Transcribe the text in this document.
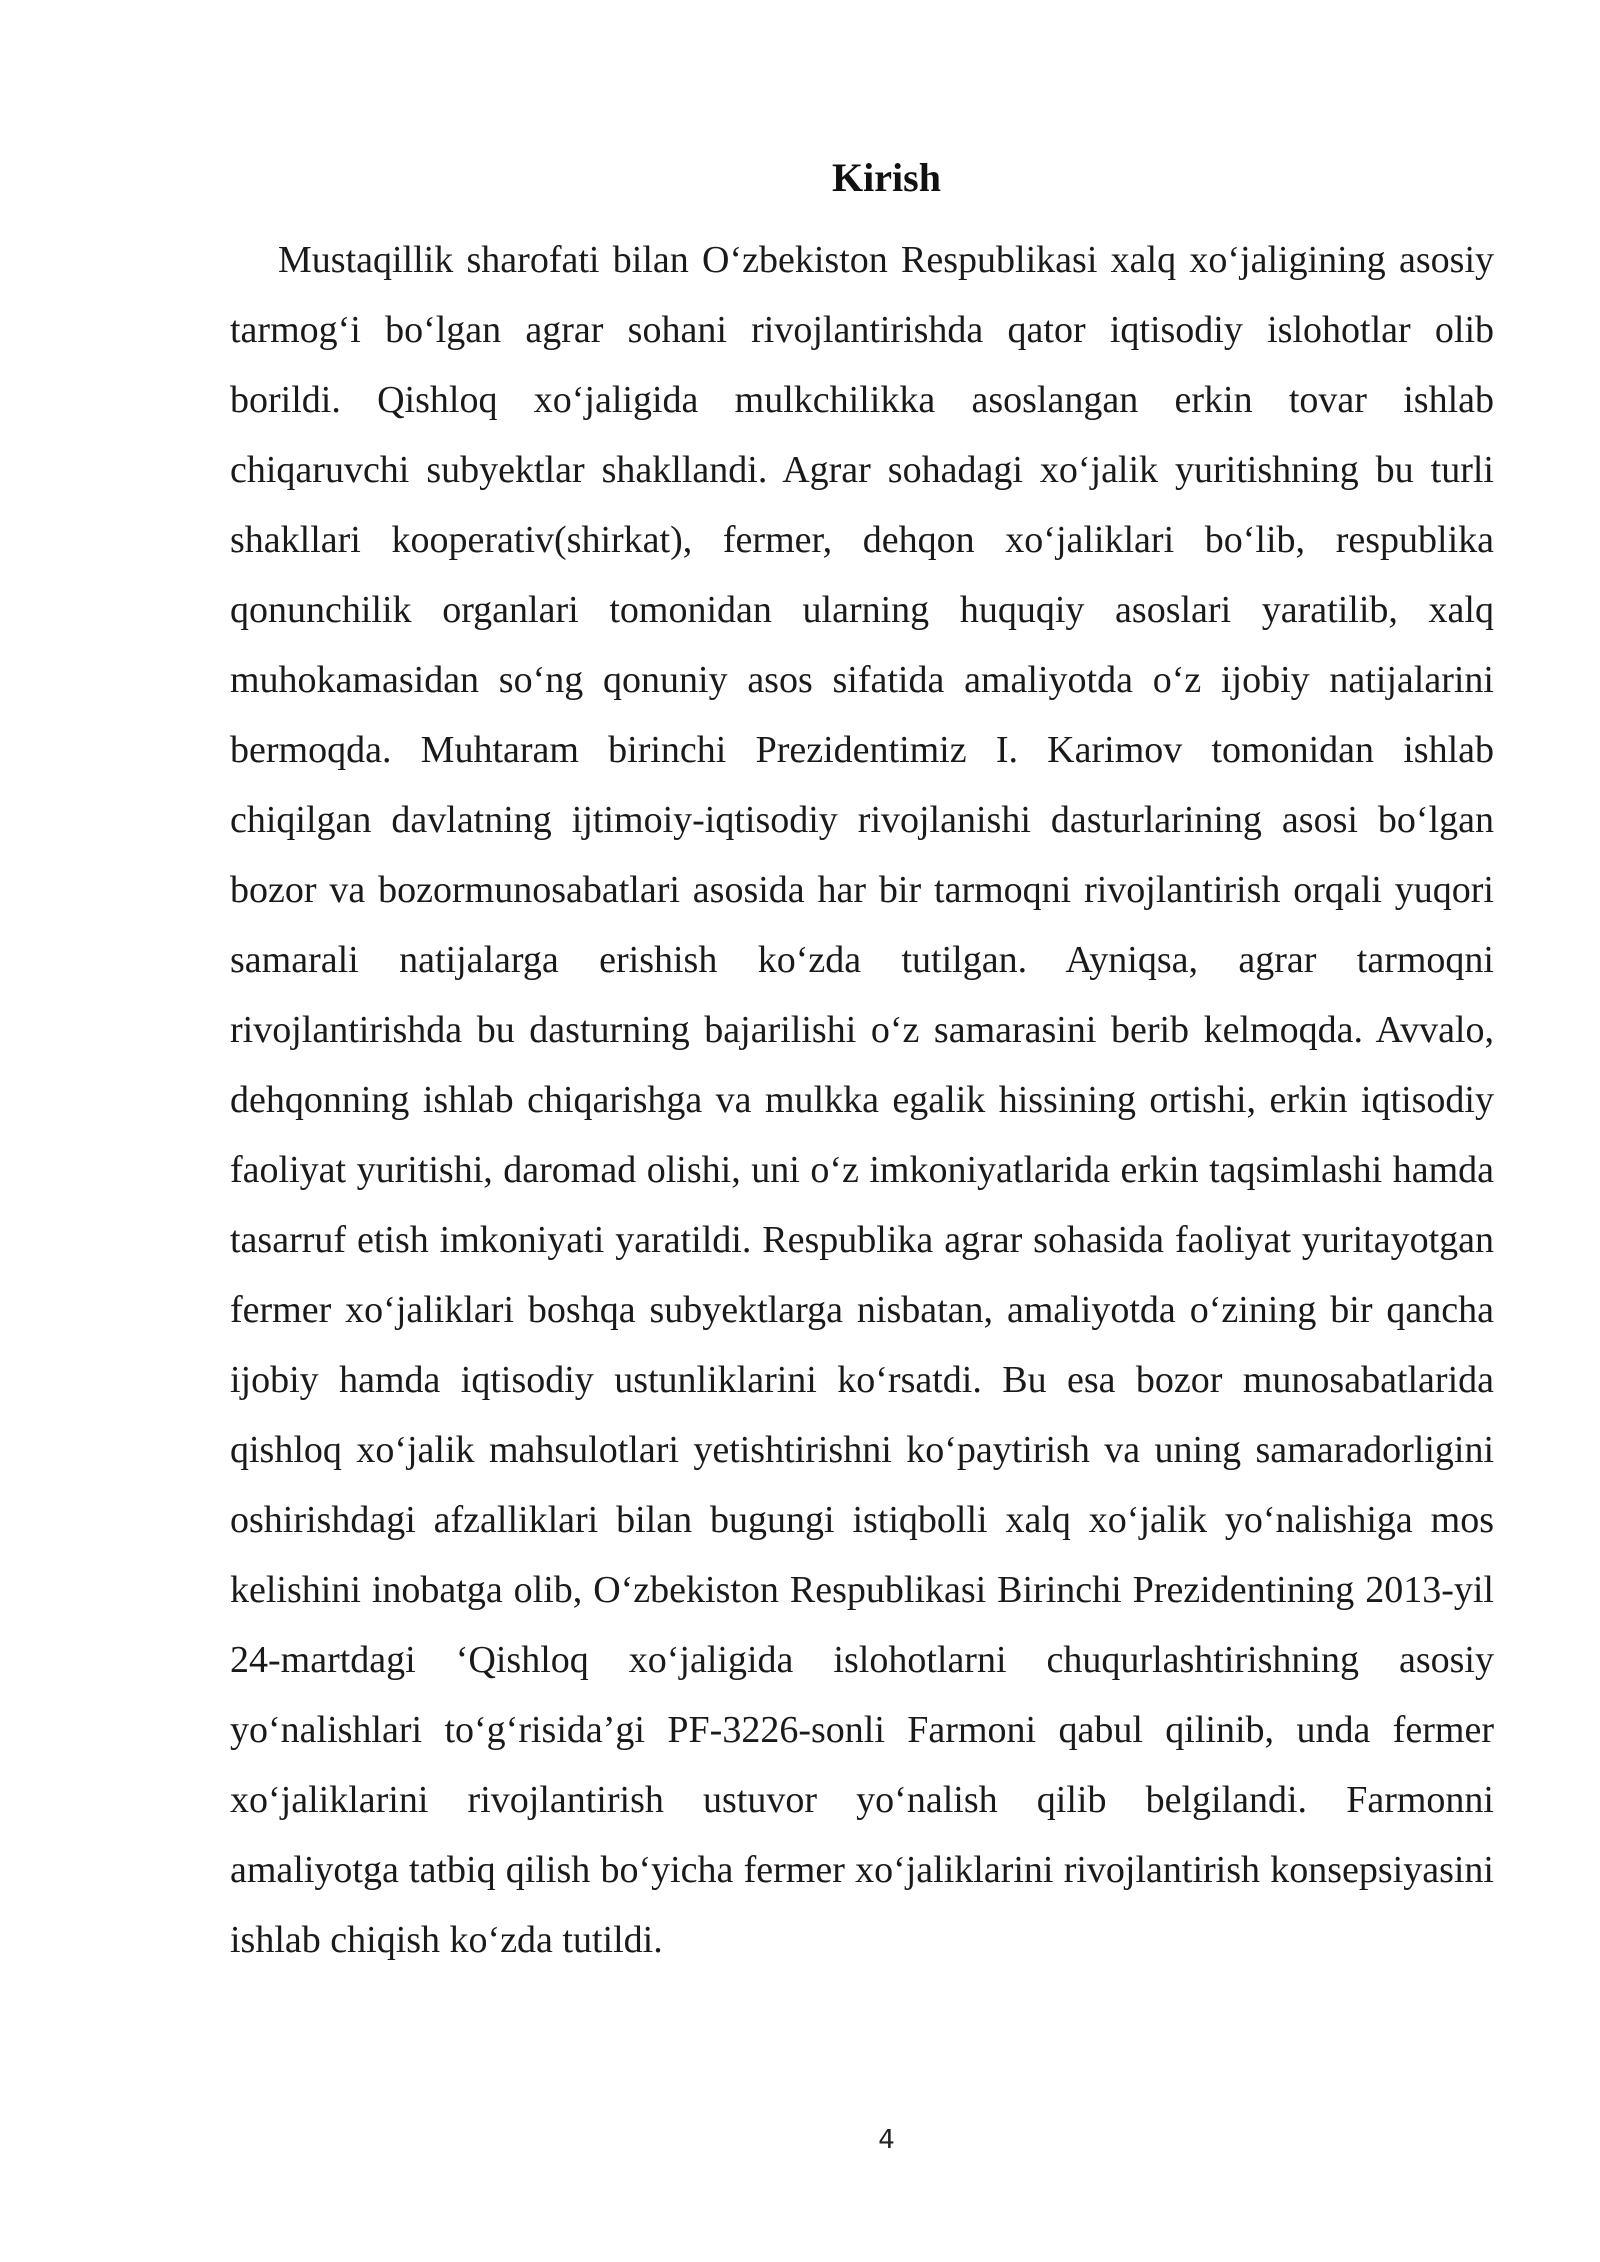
Kirish

Mustaqillik sharofati bilan O‘zbekiston Respublikasi xalq xo‘jaligining asosiy tarmog‘i bo‘lgan agrar sohani rivojlantirishda qator iqtisodiy islohotlar olib borildi. Qishloq xo‘jaligida mulkchilikka asoslangan erkin tovar ishlab chiqaruvchi subyektlar shakllandi. Agrar sohadagi xo‘jalik yuritishning bu turli shakllari kooperativ(shirkat), fermer, dehqon xo‘jaliklari bo‘lib, respublika qonunchilik organlari tomonidan ularning huquqiy asoslari yaratilib, xalq muhokamasidan so‘ng qonuniy asos sifatida amaliyotda o‘z ijobiy natijalarini bermoqda. Muhtaram birinchi Prezidentimiz I. Karimov tomonidan ishlab chiqilgan davlatning ijtimoiy-iqtisodiy rivojlanishi dasturlarining asosi bo‘lgan bozor va bozormunosabatlari asosida har bir tarmoqni rivojlantirish orqali yuqori samarali natijalarga erishish ko‘zda tutilgan. Ayniqsa, agrar tarmoqni rivojlantirishda bu dasturning bajarilishi o‘z samarasini berib kelmoqda. Avvalo, dehqonning ishlab chiqarishga va mulkka egalik hissining ortishi, erkin iqtisodiy faoliyat yuritishi, daromad olishi, uni o‘z imkoniyatlarida erkin taqsimlashi hamda tasarruf etish imkoniyati yaratildi. Respublika agrar sohasida faoliyat yuritayotgan fermer xo‘jaliklari boshqa subyektlarga nisbatan, amaliyotda o‘zining bir qancha ijobiy hamda iqtisodiy ustunliklarini ko‘rsatdi. Bu esa bozor munosabatlarida qishloq xo‘jalik mahsulotlari yetishtirishni ko‘paytirish va uning samaradorligini oshirishdagi afzalliklari bilan bugungi istiqbolli xalq xo‘jalik yo‘nalishiga mos kelishini inobatga olib, O‘zbekiston Respublikasi Birinchi Prezidentining 2013-yil 24-martdagi ‘Qishloq xo‘jaligida islohotlarni chuqurlashtirishning asosiy yo‘nalishlari to‘g‘risida’gi PF-3226-sonli Farmoni qabul qilinib, unda fermer xo‘jaliklarini rivojlantirish ustuvor yo‘nalish qilib belgilandi. Farmonni amaliyotga tatbiq qilish bo‘yicha fermer xo‘jaliklarini rivojlantirish konsepsiyasini ishlab chiqish ko‘zda tutildi.

4
